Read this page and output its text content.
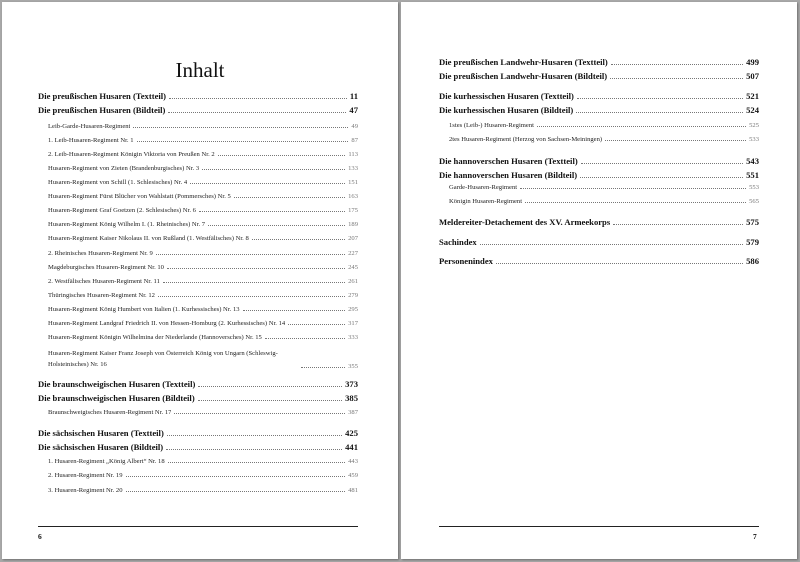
Inhalt
Die preußischen Husaren (Textteil)	11
Die preußischen Husaren (Bildteil)	47
Leib-Garde-Husaren-Regiment	49
1. Leib-Husaren-Regiment Nr. 1	87
2. Leib-Husaren-Regiment Königin Viktoria von Preußen Nr. 2	113
Husaren-Regiment von Zieten (Brandenburgisches) Nr. 3	133
Husaren-Regiment von Schill (1. Schlesisches) Nr. 4	151
Husaren-Regiment Fürst Blücher von Wahlstatt (Pommersches) Nr. 5	163
Husaren-Regiment Graf Goetzen (2. Schlesisches) Nr. 6	175
Husaren-Regiment König Wilhelm I. (1. Rheinisches) Nr. 7	189
Husaren-Regiment Kaiser Nikolaus II. von Rußland (1. Westfälisches) Nr. 8	207
2. Rheinisches Husaren-Regiment Nr. 9	227
Magdeburgisches Husaren-Regiment Nr. 10	245
2. Westfälisches Husaren-Regiment Nr. 11	261
Thüringisches Husaren-Regiment Nr. 12	279
Husaren-Regiment König Humbert von Italien (1. Kurhessisches) Nr. 13	295
Husaren-Regiment Landgraf Friedrich II. von Hessen-Homburg (2. Kurhessisches) Nr. 14	317
Husaren-Regiment Königin Wilhelmina der Niederlande (Hannoversches) Nr. 15	333
Husaren-Regiment Kaiser Franz Joseph von Österreich König von Ungarn (Schleswig-Holsteinisches) Nr. 16	355
Die braunschweigischen Husaren (Textteil)	373
Die braunschweigischen Husaren (Bildteil)	385
Braunschweigisches Husaren-Regiment Nr. 17	387
Die sächsischen Husaren (Textteil)	425
Die sächsischen Husaren (Bildteil)	441
1. Husaren-Regiment „König Albert“ Nr. 18	443
2. Husaren-Regiment Nr. 19	459
3. Husaren-Regiment Nr. 20	481
6
Die preußischen Landwehr-Husaren (Textteil)	499
Die preußischen Landwehr-Husaren (Bildteil)	507
Die kurhessischen Husaren (Textteil)	521
Die kurhessischen Husaren (Bildteil)	524
1stes (Leib-) Husaren-Regiment	525
2tes Husaren-Regiment (Herzog von Sachsen-Meiningen)	533
Die hannoverschen Husaren (Textteil)	543
Die hannoverschen Husaren (Bildteil)	551
Garde-Husaren-Regiment	553
Königin Husaren-Regiment	565
Meldereiter-Detachement des XV. Armeekorps	575
Sachindex	579
Personenindex	586
7
